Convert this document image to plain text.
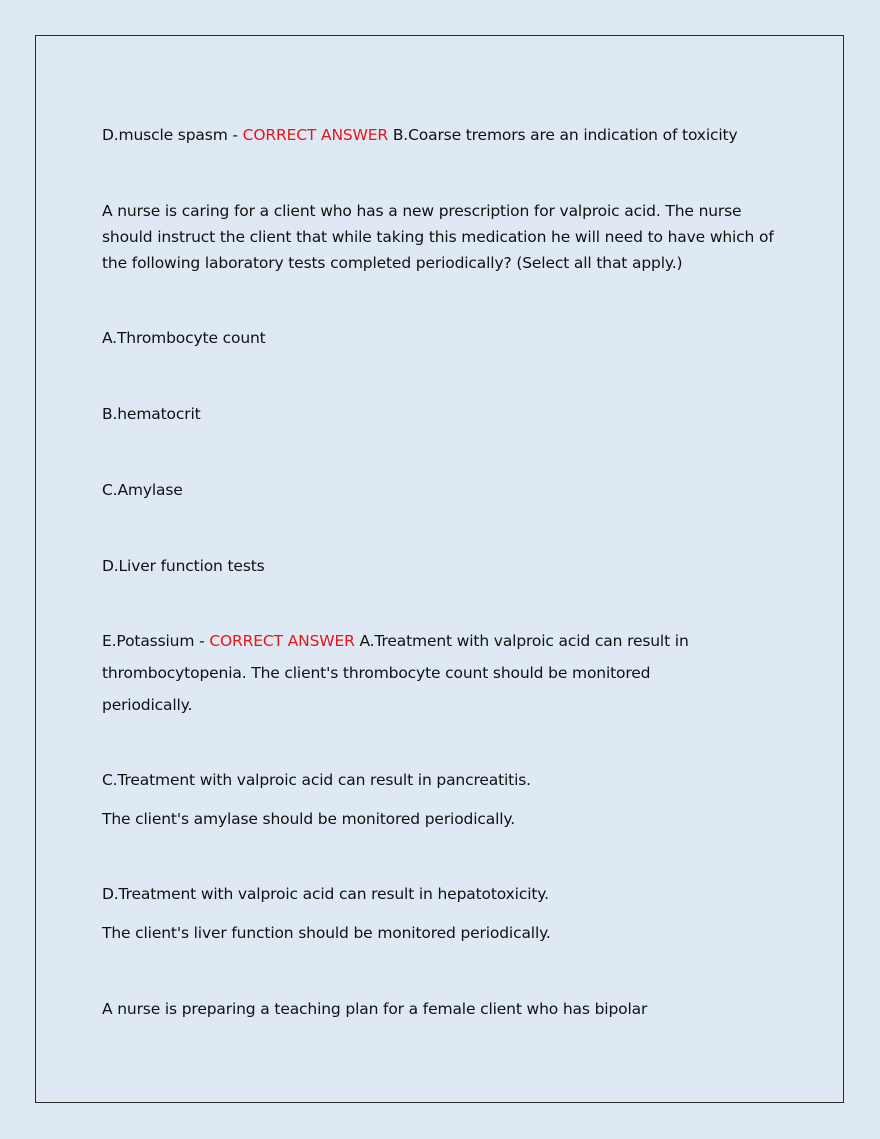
D.muscle spasm - CORRECT ANSWER B.Coarse tremors are an indication of toxicity
A nurse is caring for a client who has a new prescription for valproic acid. The nurse
should instruct the client that while taking this medication he will need to have which of
the following laboratory tests completed periodically? (Select all that apply.)
A.Thrombocyte count
B.hematocrit
C.Amylase
D.Liver function tests
E.Potassium - CORRECT ANSWER A.Treatment with valproic acid can result in
thrombocytopenia. The client's thrombocyte count should be monitored
periodically.
C.Treatment with valproic acid can result in pancreatitis.
The client's amylase should be monitored periodically.
D.Treatment with valproic acid can result in hepatotoxicity.
The client's liver function should be monitored periodically.
A nurse is preparing a teaching plan for a female client who has bipolar
